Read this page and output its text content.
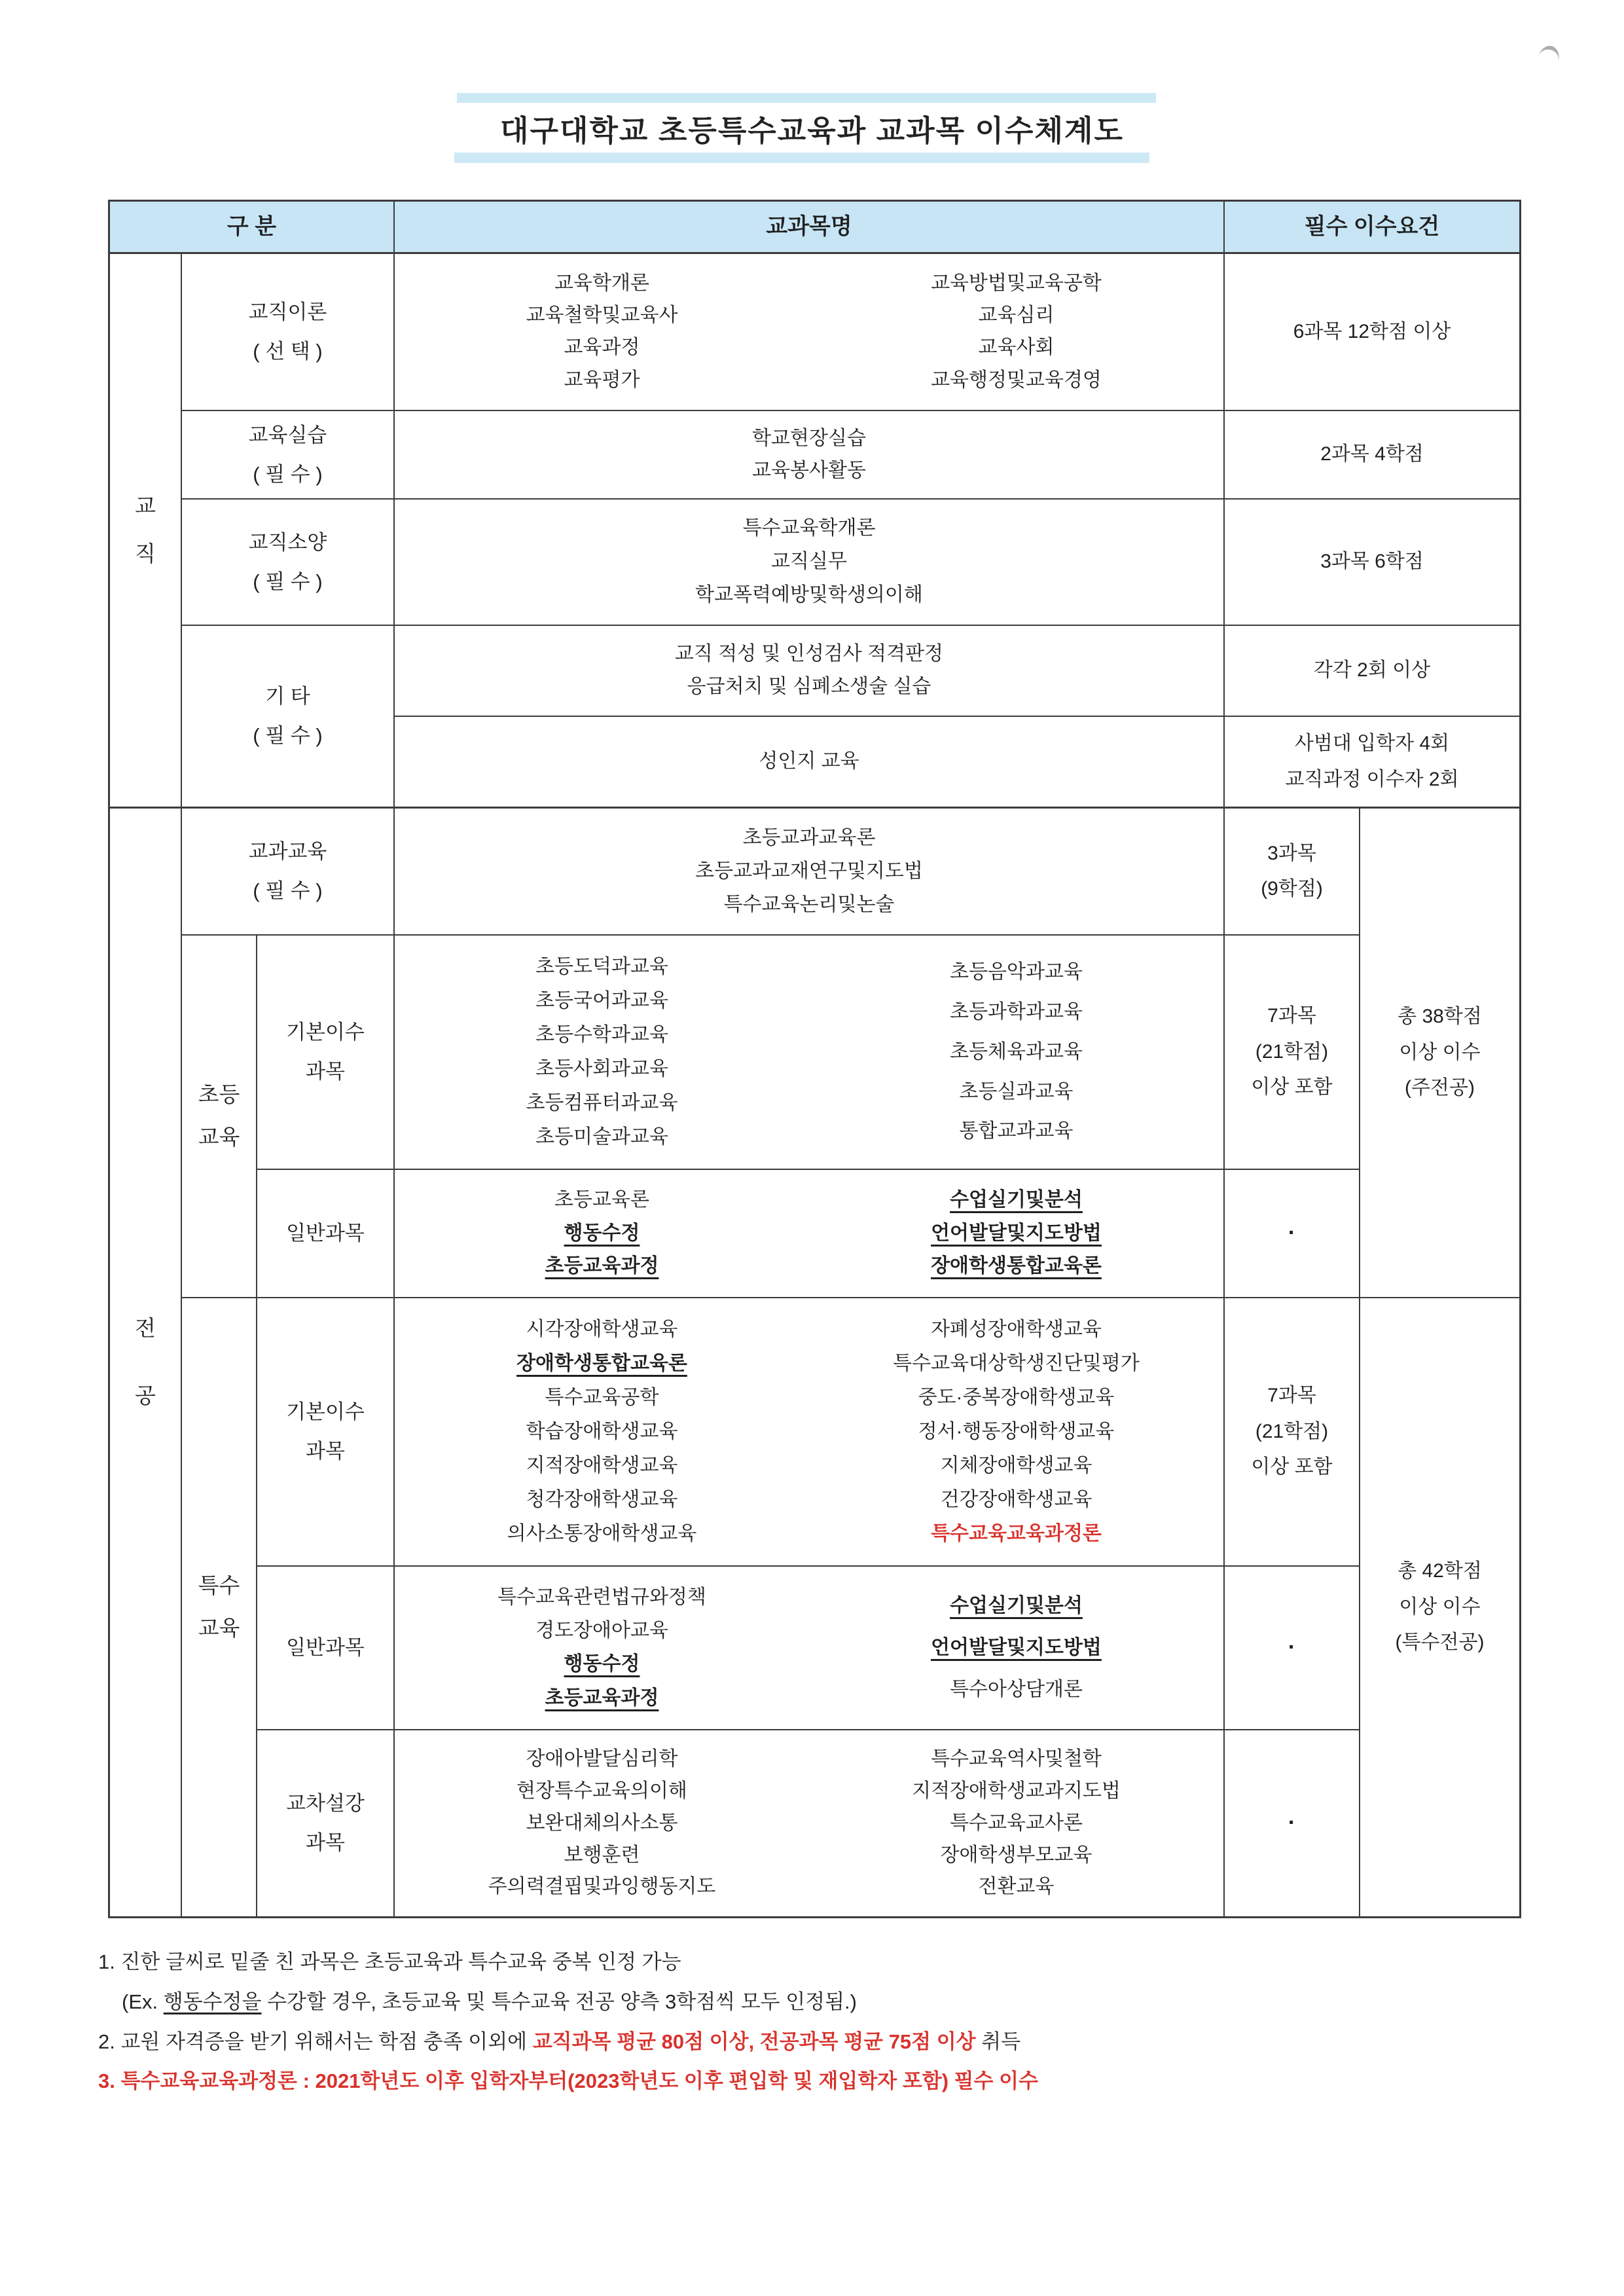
대구대학교 초등특수교육과 교과목 이수체계도
구 분	교과목명	필수 이수요건
교
직
교직이론
( 선 택 )
교육학개론
교육철학및교육사
교육과정
교육평가
교육방법및교육공학
교육심리
교육사회
교육행정및교육경영
6과목 12학점 이상
교육실습
( 필 수 )
학교현장실습
교육봉사활동
2과목 4학점
교직소양
( 필 수 )
특수교육학개론
교직실무
학교폭력예방및학생의이해
3과목 6학점
기 타
( 필 수 )
교직 적성 및 인성검사 적격판정
응급처치 및 심폐소생술 실습
각각 2회 이상
성인지 교육
사범대 입학자 4회
교직과정 이수자 2회
전
공
교과교육
( 필 수 )
초등교과교육론
초등교과교재연구및지도법
특수교육논리및논술
3과목
(9학점)
총 38학점
이상 이수
(주전공)
초등
교육
기본이수
과목
초등도덕과교육
초등국어과교육
초등수학과교육
초등사회과교육
초등컴퓨터과교육
초등미술과교육
초등음악과교육
초등과학과교육
초등체육과교육
초등실과교육
통합교과교육
7과목
(21학점)
이상 포함
일반과목
초등교육론
행동수정
초등교육과정
수업실기및분석
언어발달및지도방법
장애학생통합교육론
·
특수
교육
기본이수
과목
시각장애학생교육
장애학생통합교육론
특수교육공학
학습장애학생교육
지적장애학생교육
청각장애학생교육
의사소통장애학생교육
자폐성장애학생교육
특수교육대상학생진단및평가
중도·중복장애학생교육
정서·행동장애학생교육
지체장애학생교육
건강장애학생교육
특수교육교육과정론
7과목
(21학점)
이상 포함
총 42학점
이상 이수
(특수전공)
일반과목
특수교육관련법규와정책
경도장애아교육
행동수정
초등교육과정
수업실기및분석
언어발달및지도방법
특수아상담개론
·
교차설강
과목
장애아발달심리학
현장특수교육의이해
보완대체의사소통
보행훈련
주의력결핍및과잉행동지도
특수교육역사및철학
지적장애학생교과지도법
특수교육교사론
장애학생부모교육
전환교육
·
1. 진한 글씨로 밑줄 친 과목은 초등교육과 특수교육 중복 인정 가능
(Ex. 행동수정을 수강할 경우, 초등교육 및 특수교육 전공 양측 3학점씩 모두 인정됨.)
2. 교원 자격증을 받기 위해서는 학점 충족 이외에 교직과목 평균 80점 이상, 전공과목 평균 75점 이상 취득
3. 특수교육교육과정론 : 2021학년도 이후 입학자부터(2023학년도 이후 편입학 및 재입학자 포함) 필수 이수
